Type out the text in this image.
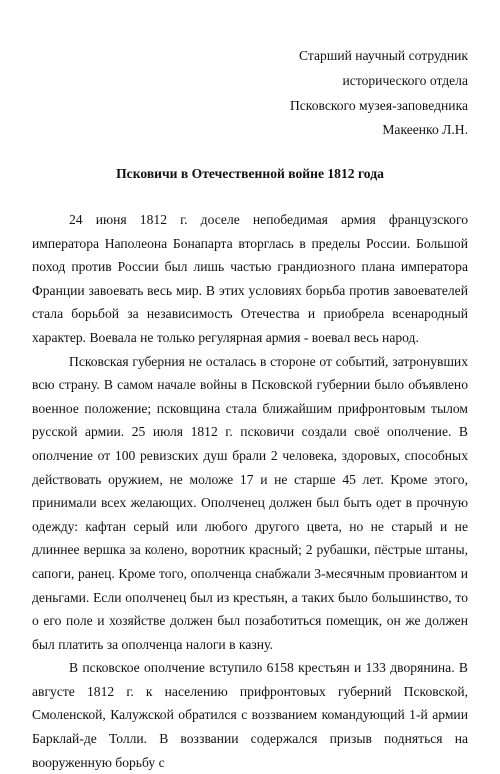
Старший научный сотрудник
исторического отдела
Псковского музея-заповедника
Макеенко Л.Н.
Псковичи в Отечественной войне 1812 года

24 июня 1812 г. доселе непобедимая армия французского императора Наполеона Бонапарта вторглась в пределы России. Большой поход против России был лишь частью грандиозного плана императора Франции завоевать весь мир. В этих условиях борьба против завоевателей стала борьбой за независимость Отечества и приобрела всенародный характер. Воевала не только регулярная армия - воевал весь народ.

Псковская губерния не осталась в стороне от событий, затронувших всю страну. В самом начале войны в Псковской губернии было объявлено военное положение; псковщина стала ближайшим прифронтовым тылом русской армии. 25 июля 1812 г. псковичи создали своё ополчение. В ополчение от 100 ревизских душ брали 2 человека, здоровых, способных действовать оружием, не моложе 17 и не старше 45 лет. Кроме этого, принимали всех желающих. Ополченец должен был быть одет в прочную одежду: кафтан серый или любого другого цвета, но не старый и не длиннее вершка за колено, воротник красный; 2 рубашки, пёстрые штаны, сапоги, ранец. Кроме того, ополченца снабжали 3-месячным провиантом и деньгами. Если ополченец был из крестьян, а таких было большинство, то о его поле и хозяйстве должен был позаботиться помещик, он же должен был платить за ополченца налоги в казну.

В псковское ополчение вступило 6158 крестьян и 133 дворянина. В августе 1812 г. к населению прифронтовых губерний Псковской, Смоленской, Калужской обратился с воззванием командующий 1-й армии Барклай-де Толли. В воззвании содержался призыв подняться на вооруженную борьбу с
